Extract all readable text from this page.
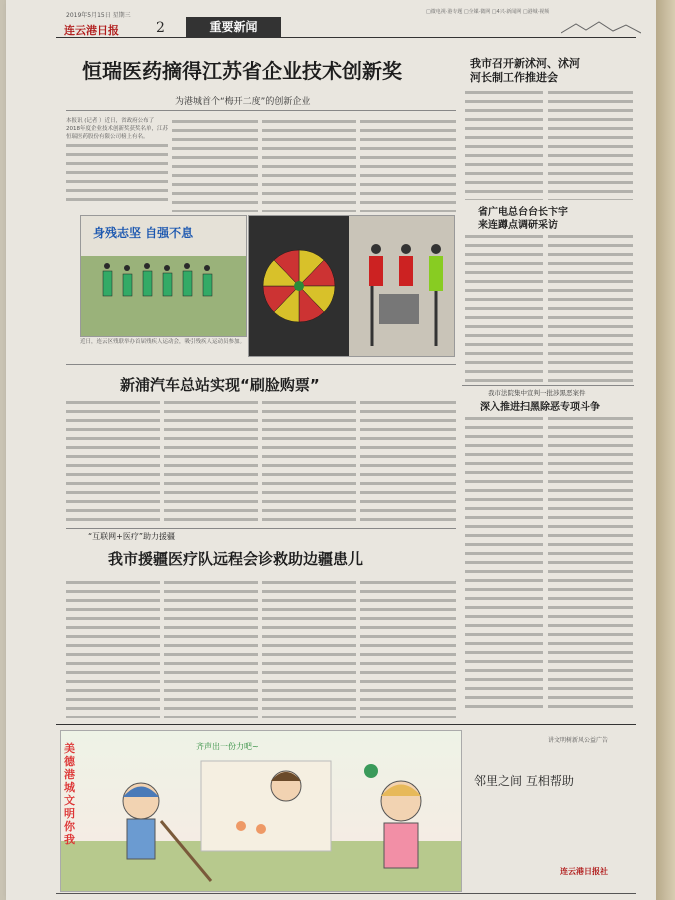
2019年5月15日 星期三
连云港日报	2	重要新闻
□微电视·港专题 □全媒·微网 □4兴·新闻网 □港城·视频
恒瑞医药摘得江苏省企业技术创新奖
为港城首个“梅开二度”的创新企业
本报讯 (记者 ）近日，省政府公布了2018年度企业技术创新奖获奖名单，江苏恒瑞医药股份有限公司榜上有名。
身残志坚 自强不息
近日，连云区残联举办首届残疾人运动会，吸引残疾人运动员参加。
我市召开新沭河、沭河
河长制工作推进会
省广电总台台长卞宇
来连蹲点调研采访
新浦汽车总站实现“刷脸购票”	我市法院集中宣判一批涉黑恶案件
深入推进扫黑除恶专项斗争
“互联网+医疗”助力援疆
我市援疆医疗队远程会诊救助边疆患儿
齐声出一份力吧~
美德港城 文明你我
讲文明树新风公益广告
邻里之间 互相帮助
连云港日报社
